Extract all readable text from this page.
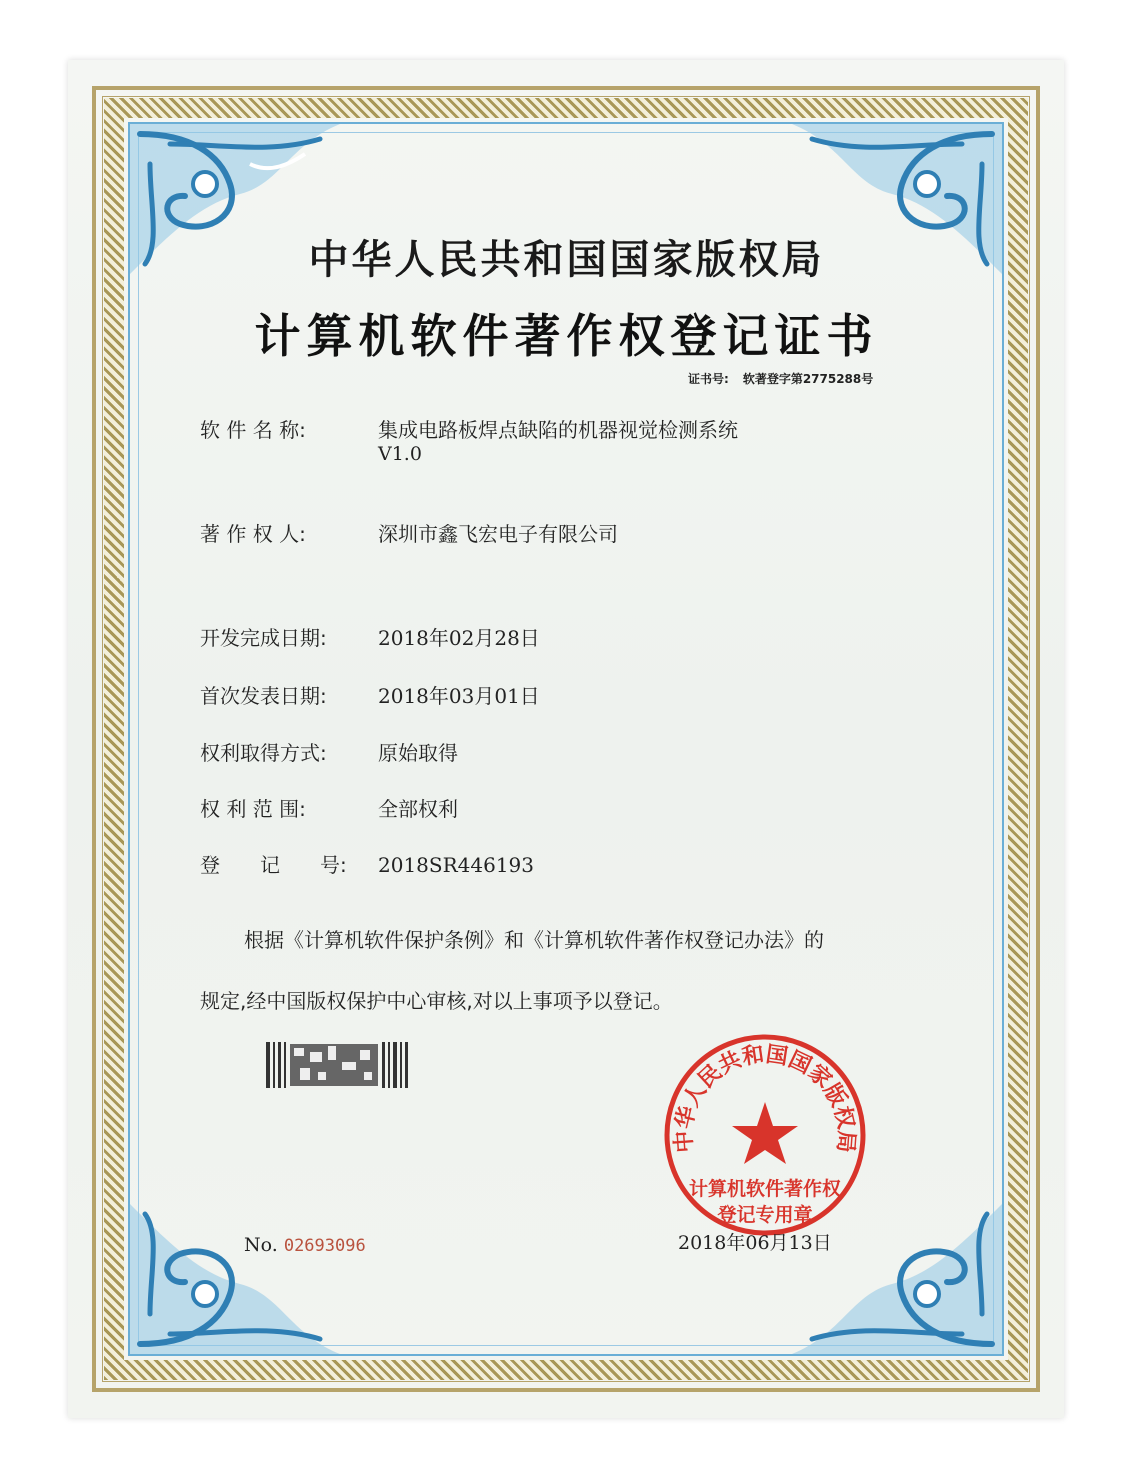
中华人民共和国国家版权局
计算机软件著作权登记证书
证书号: 软著登字第2775288号
软 件 名 称:	集成电路板焊点缺陷的机器视觉检测系统
V1.0
著 作 权 人:	深圳市鑫飞宏电子有限公司
开发完成日期:	2018年02月28日
首次发表日期:	2018年03月01日
权利取得方式:	原始取得
权 利 范 围:	全部权利
登　　记　　号: 2018SR446193
根据《计算机软件保护条例》和《计算机软件著作权登记办法》的
规定,经中国版权保护中心审核,对以上事项予以登记。
No. 02693096
中华人民共和国国家版权局
计算机软件著作权
登记专用章
2018年06月13日
